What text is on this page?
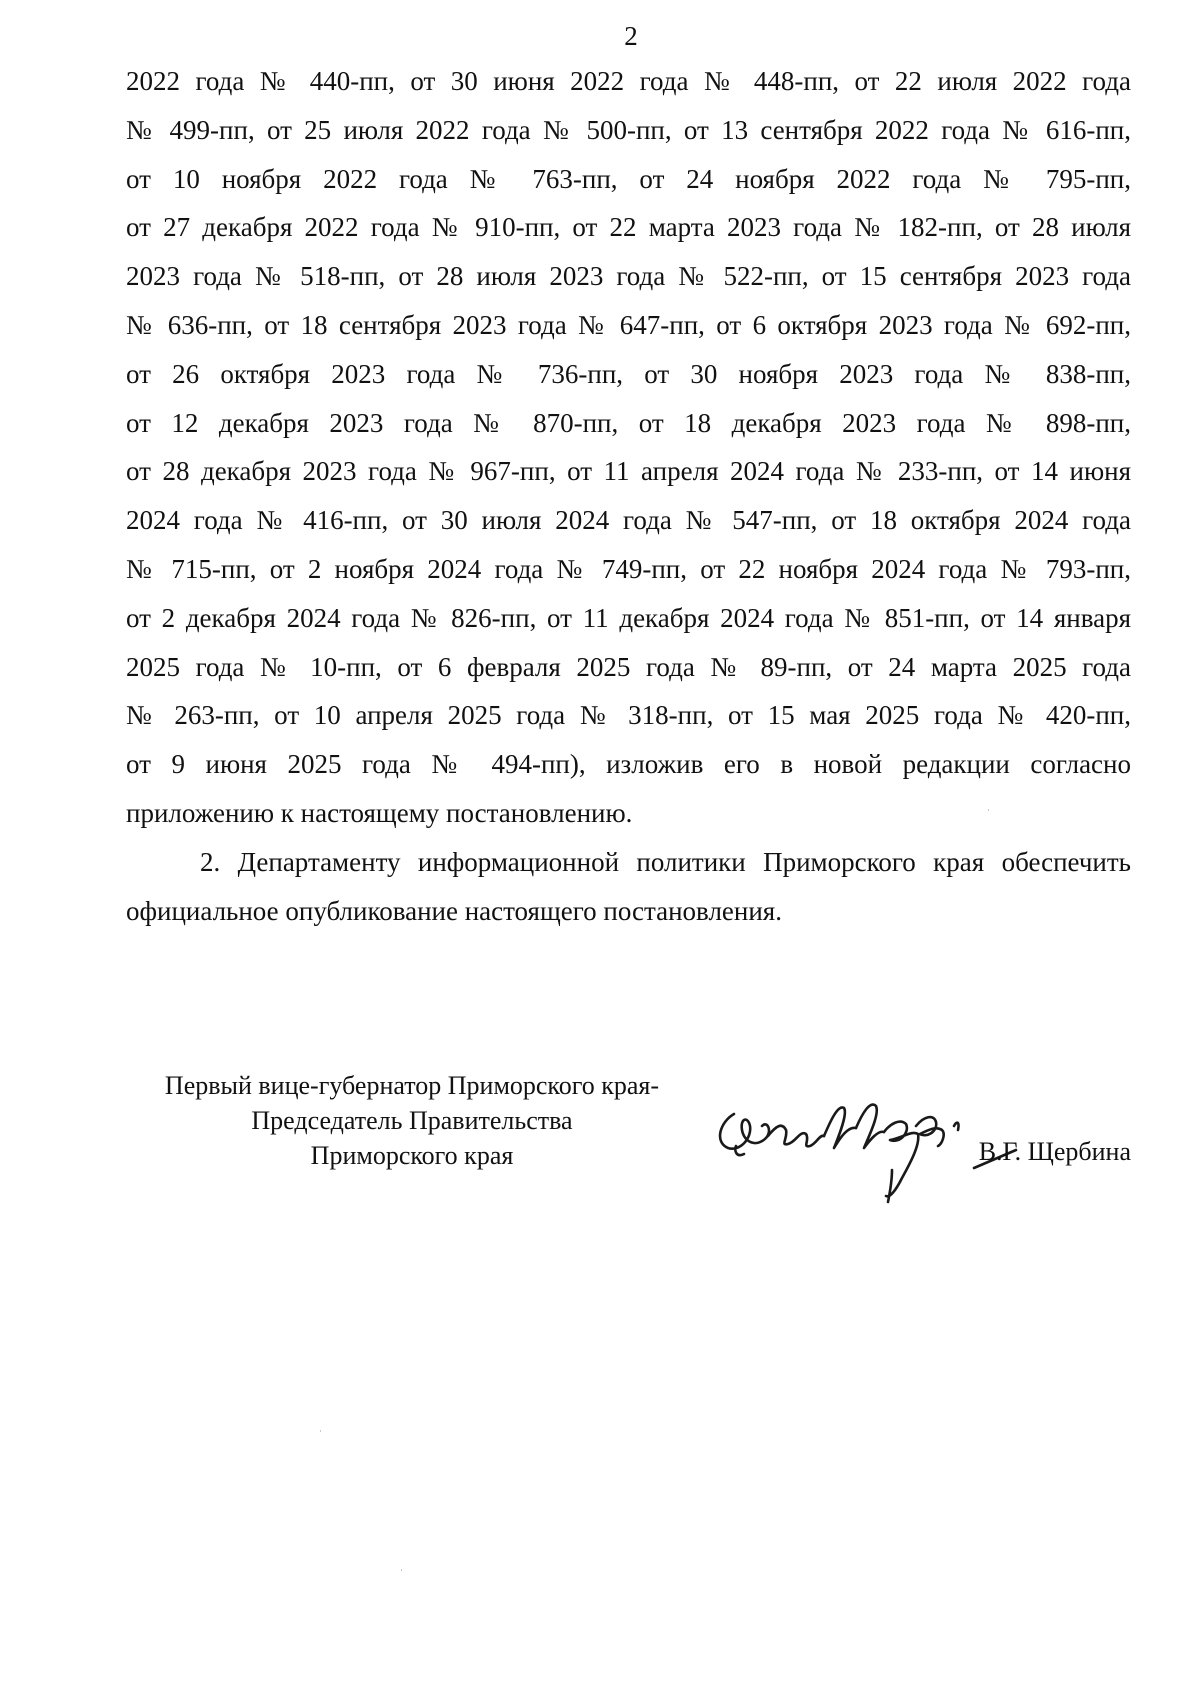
2
2022 года № 440-пп, от 30 июня 2022 года № 448-пп, от 22 июля 2022 года
№ 499-пп, от 25 июля 2022 года № 500-пп, от 13 сентября 2022 года № 616-пп,
от 10 ноября 2022 года № 763-пп, от 24 ноября 2022 года № 795-пп,
от 27 декабря 2022 года № 910-пп, от 22 марта 2023 года № 182-пп, от 28 июля
2023 года № 518-пп, от 28 июля 2023 года № 522-пп, от 15 сентября 2023 года
№ 636-пп, от 18 сентября 2023 года № 647-пп, от 6 октября 2023 года № 692-пп,
от 26 октября 2023 года № 736-пп, от 30 ноября 2023 года № 838-пп,
от 12 декабря 2023 года № 870-пп, от 18 декабря 2023 года № 898-пп,
от 28 декабря 2023 года № 967-пп, от 11 апреля 2024 года № 233-пп, от 14 июня
2024 года № 416-пп, от 30 июля 2024 года № 547-пп, от 18 октября 2024 года
№ 715-пп, от 2 ноября 2024 года № 749-пп, от 22 ноября 2024 года № 793-пп,
от 2 декабря 2024 года № 826-пп, от 11 декабря 2024 года № 851-пп, от 14 января
2025 года № 10-пп, от 6 февраля 2025 года № 89-пп, от 24 марта 2025 года
№ 263-пп, от 10 апреля 2025 года № 318-пп, от 15 мая 2025 года № 420-пп,
от 9 июня 2025 года № 494-пп), изложив его в новой редакции согласно
приложению к настоящему постановлению.
2. Департаменту информационной политики Приморского края обеспечить
официальное опубликование настоящего постановления.
Первый вице-губернатор Приморского края-
Председатель Правительства
Приморского края	В.Г. Щербина
